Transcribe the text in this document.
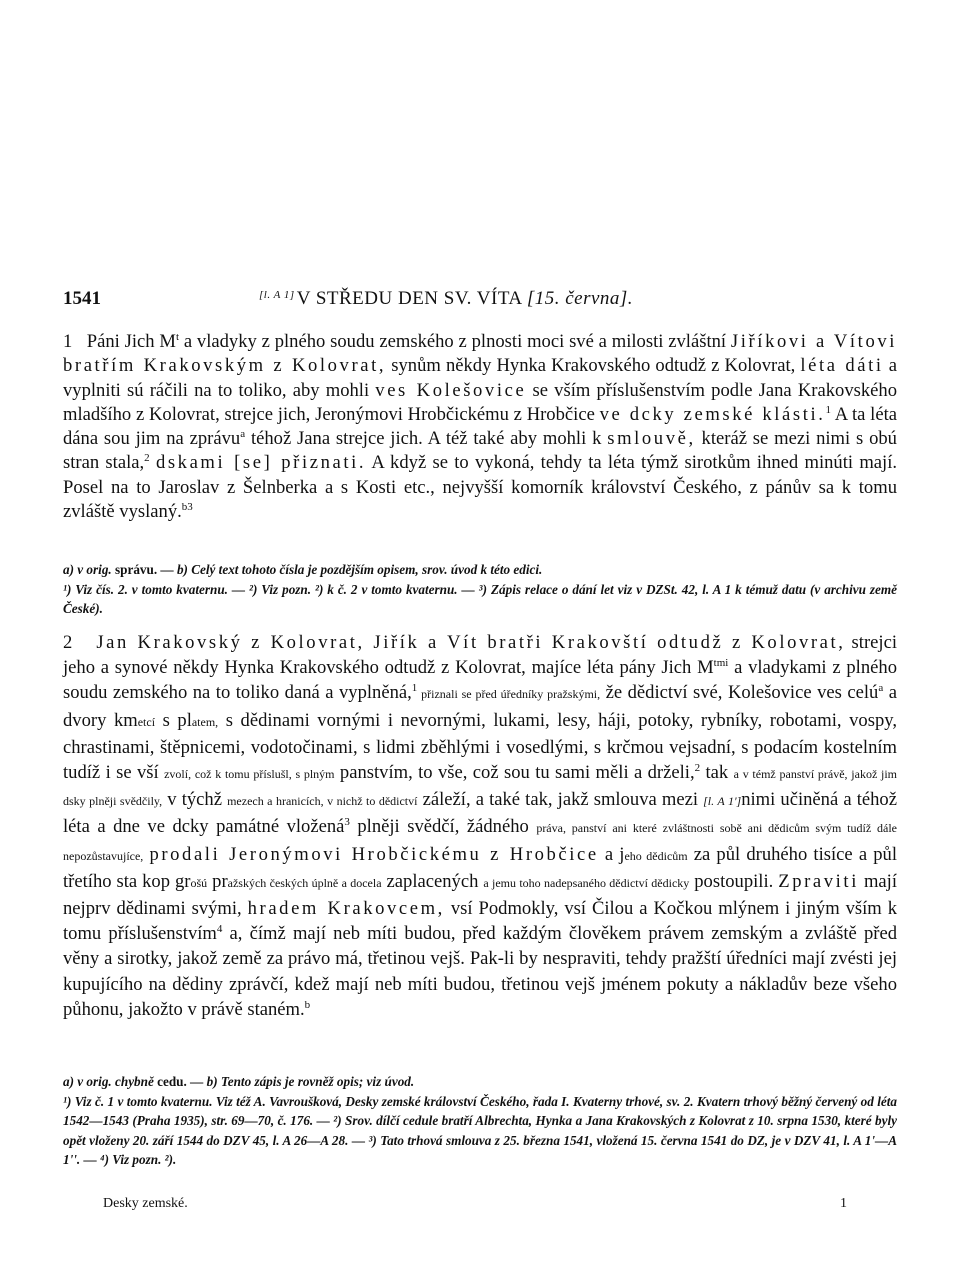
1541	[l. A 1] V STŘEDU DEN SV. VÍTA [15. června].
1 Páni Jich $M^t$ a vladyky z plného soudu zemského z plnosti moci své a milosti zvláštní Jiříkovi a Vítovi bratřím Krakovským z Kolovrat, synům někdy Hynka Krakovského odtudž z Kolovrat, léta dáti a vyplniti sú ráčili na to toliko, aby mohli ves Kolešovice se vším příslušenstvím podle Jana Krakovského mladšího z Kolovrat, strejce jich, Jeronýmovi Hrobčickému z Hrobčice ve dcky zemské klásti.$^1$ A ta léta dána sou jim na zprávu$^a$ téhož Jana strejce jich. A též také aby mohli k smlouvě, kteráž se mezi nimi s obú stran stala,$^2$ dskami [se] přiznati. A když se to vykoná, tehdy ta léta týmž sirotkům ihned minúti mají. Posel na to Jaroslav z Šelnberka a s Kosti etc., nejvyšší komorník království Českého, z pánův sa k tomu zvláště vyslaný.$^{b3}$
a) v orig. správu. — b) Celý text tohoto čísla je pozdějším opisem, srov. úvod k této edici.
¹) Viz čís. 2. v tomto kvaternu. — ²) Viz pozn. ²) k č. 2 v tomto kvaternu. — ³) Zápis relace o dání let viz v DZSt. 42, l. A 1 k témuž datu (v archivu země České).
2 Jan Krakovský z Kolovrat, Jiřík a Vít bratři Krakovští odtudž z Kolovrat, strejci jeho a synové někdy Hynka Krakovského odtudž z Kolovrat, majíce léta pány Jich $M^{tmi}$ a vladykami z plného soudu zemského na to toliko daná a vyplněná,$^1$ přiznali se před úředníky pražskými, že dědictví své, Kolešovice ves celú$^a$ a dvory kmetcí s platem, s dědinami vornými i nevornými, lukami, lesy, háji, potoky, rybníky, robotami, vospy, chrastinami, štěpnicemi, vodotočinami, s lidmi zběhlými i vosedlými, s krčmou vejsadní, s podacím kostelním tudíž i se vší zvolí, což k tomu příslušl, s plným panstvím, to vše, což sou tu sami měli a drželi,$^2$ tak a v témž panství právě, jakož jim dsky plněji svědčily, v týchž mezech a hranicích, v nichž to dědictví záleží, a také tak, jakž smlouva mezi [l. A 1']nimi učiněná a téhož léta a dne ve dcky památné vložená$^3$ plněji svědčí, žádného práva, panství ani které zvláštnosti sobě ani dědicům svým tudíž dále nepozůstavujíce, prodali Jeronýmovi Hrobčickému z Hrobčice a jeho dědicům za půl druhého tisíce a půl třetího sta kop grošú pražských českých úplně a docela zaplacených a jemu toho nadepsaného dědictví dědicky postoupili. Zpraviti mají nejprv dědinami svými, hradem Krakovcem, vsí Podmokly, vsí Čilou a Kočkou mlýnem i jiným vším k tomu příslušenstvím$^4$ a, čímž mají neb míti budou, před každým člověkem právem zemským a zvláště před věny a sirotky, jakož země za právo má, třetinou vejš. Pak-li by nespraviti, tehdy pražští úředníci mají zvésti jej kupujícího na dědiny zprávčí, kdež mají neb míti budou, třetinou vejš jménem pokuty a nákladův beze všeho půhonu, jakožto v právě staném.$^b$
a) v orig. chybně cedu. — b) Tento zápis je rovněž opis; viz úvod.
¹) Viz č. 1 v tomto kvaternu. Viz též A. Vavroušková, Desky zemské království Českého, řada I. Kvaterny trhové, sv. 2. Kvatern trhový běžný červený od léta 1542—1543 (Praha 1935), str. 69—70, č. 176. — ²) Srov. dílčí cedule bratří Albrechta, Hynka a Jana Krakovských z Kolovrat z 10. srpna 1530, které byly opět vloženy 20. září 1544 do DZV 45, l. A 26—A 28. — ³) Tato trhová smlouva z 25. března 1541, vložená 15. června 1541 do DZ, je v DZV 41, l. A 1'—A 1''. — ⁴) Viz pozn. ²).
Desky zemské.	1
